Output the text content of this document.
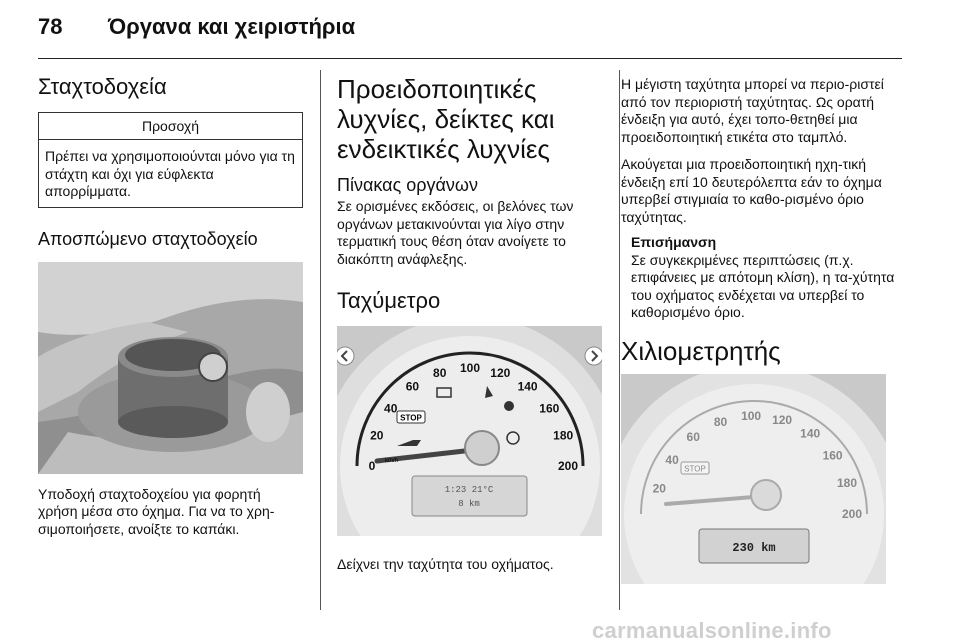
78 Όργανα και χειριστήρια
Σταχτοδοχεία
Προσοχή
Πρέπει να χρησιμοποιούνται μόνο για τη στάχτη και όχι για εύφλεκτα απορρίμματα.
Αποσπώμενο σταχτοδοχείο

Υποδοχή σταχτοδοχείου για φορητή χρήση μέσα στο όχημα. Για να το χρη-σιμοποιήσετε, ανοίξτε το καπάκι.

Προειδοποιητικές λυχνίες, δείκτες και ενδεικτικές λυχνίες
Πίνακας οργάνων

Σε ορισμένες εκδόσεις, οι βελόνες των οργάνων μετακινούνται για λίγο στην τερματική τους θέση όταν ανοίγετε το διακόπτη ανάφλεξης.

Ταχύμετρο
0
20
40
60
80 100 120
140
160
180
200
STOP
km/h
1:23 21°C
8 km

Δείχνει την ταχύτητα του οχήματος.

Η μέγιστη ταχύτητα μπορεί να περιο-ριστεί από τον περιοριστή ταχύτητας. Ως ορατή ένδειξη για αυτό, έχει τοπο-θετηθεί μια προειδοποιητική ετικέτα στο ταμπλό.

Ακούγεται μια προειδοποιητική ηχη-τική ένδειξη επί 10 δευτερόλεπτα εάν το όχημα υπερβεί στιγμιαία το καθο-ρισμένο όριο ταχύτητας.

Επισήμανση

Σε συγκεκριμένες περιπτώσεις (π.χ. επιφάνειες με απότομη κλίση), η τα-χύτητα του οχήματος ενδέχεται να υπερβεί το καθορισμένο όριο.

Χιλιομετρητής
20
40
60
80 100 120
140
160
180
200
STOP
230 km
carmanualsonline.info
